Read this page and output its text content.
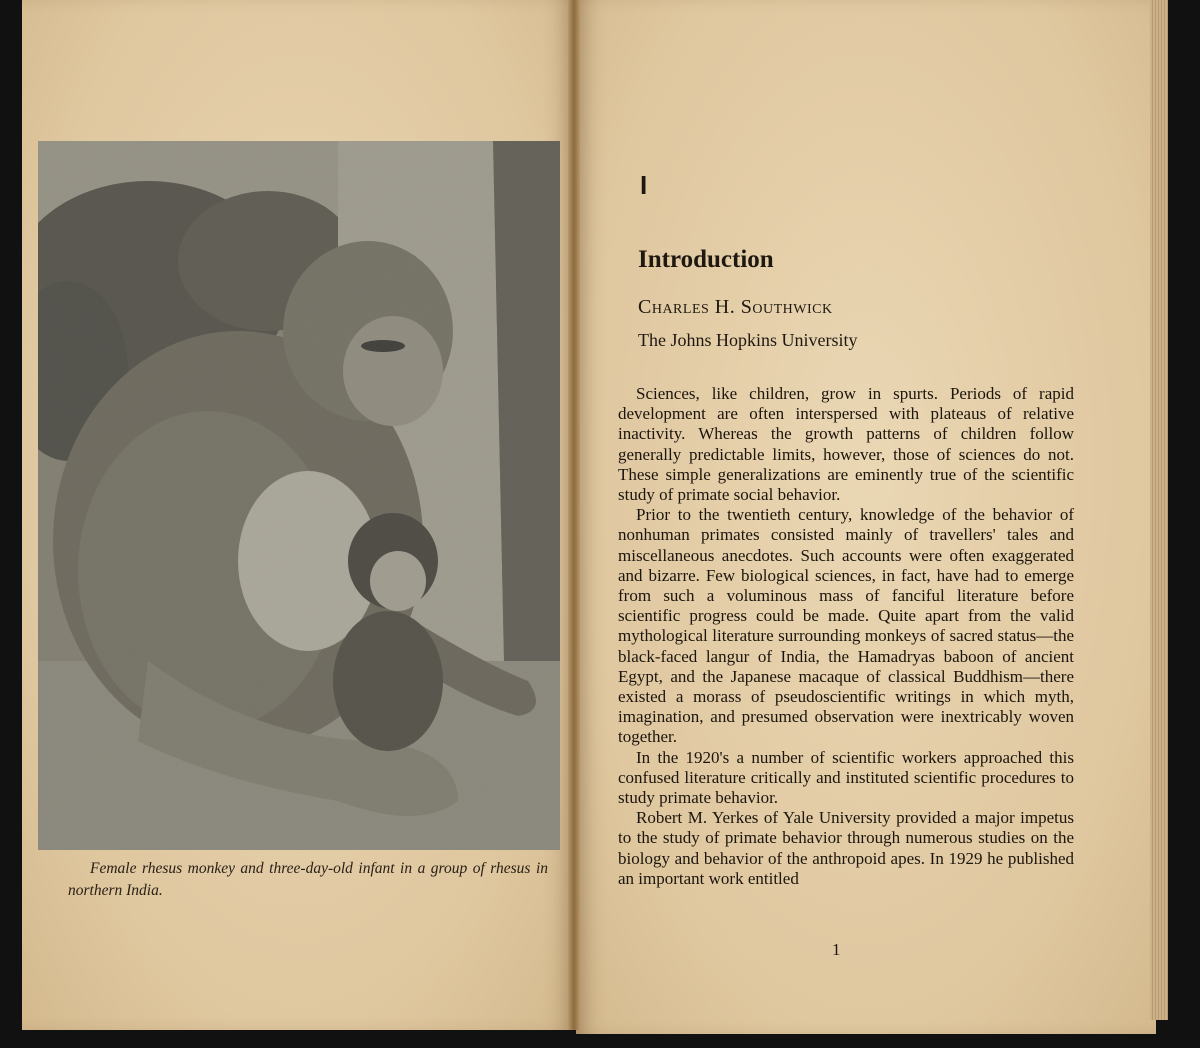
Female rhesus monkey and three-day-old infant in a group of rhesus in northern India.
I
Introduction
Charles H. Southwick
The Johns Hopkins University

Sciences, like children, grow in spurts. Periods of rapid development are often interspersed with plateaus of relative inactivity. Whereas the growth patterns of children follow generally predictable limits, however, those of sciences do not. These simple generalizations are eminently true of the scientific study of primate social behavior.

Prior to the twentieth century, knowledge of the behavior of nonhuman primates consisted mainly of travellers' tales and miscellaneous anecdotes. Such accounts were often exaggerated and bizarre. Few biological sciences, in fact, have had to emerge from such a voluminous mass of fanciful literature before scientific progress could be made. Quite apart from the valid mythological literature surrounding monkeys of sacred status—the black-faced langur of India, the Hamadryas baboon of ancient Egypt, and the Japanese macaque of classical Buddhism—there existed a morass of pseudoscientific writings in which myth, imagination, and presumed observation were inextricably woven together.

In the 1920's a number of scientific workers approached this confused literature critically and instituted scientific procedures to study primate behavior.

Robert M. Yerkes of Yale University provided a major impetus to the study of primate behavior through numerous studies on the biology and behavior of the anthropoid apes. In 1929 he published an important work entitled

1
